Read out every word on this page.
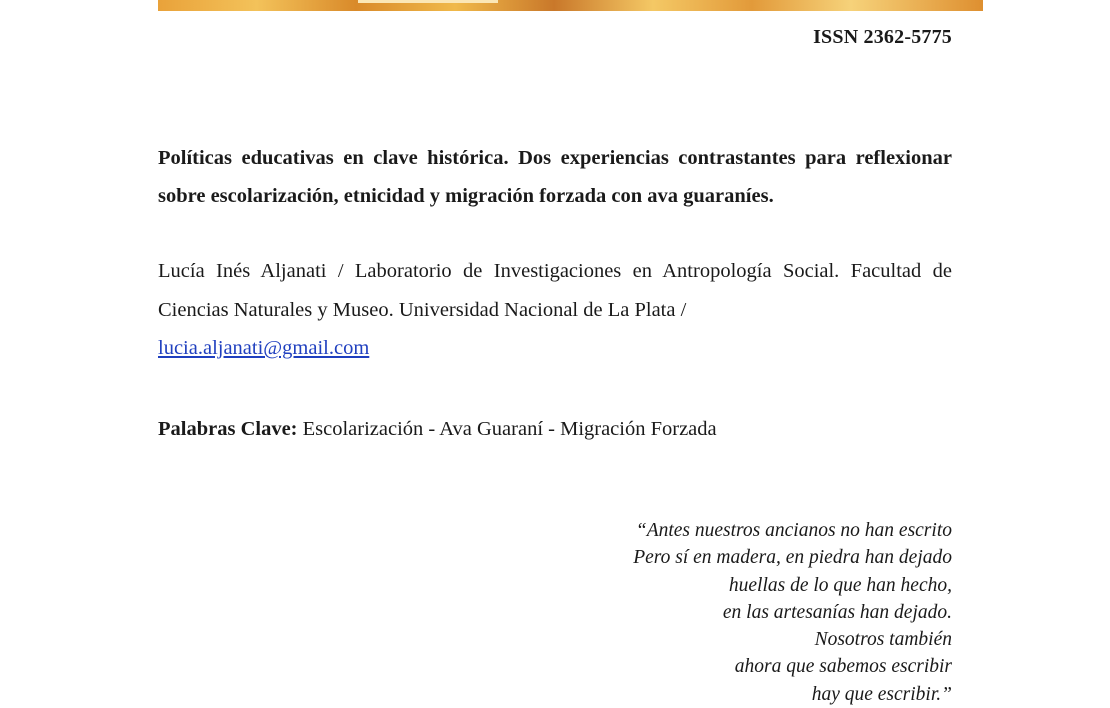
ISSN 2362-5775
Políticas educativas en clave histórica. Dos experiencias contrastantes para reflexionar sobre escolarización, etnicidad y migración forzada con ava guaraníes.
Lucía Inés Aljanati / Laboratorio de Investigaciones en Antropología Social. Facultad de Ciencias Naturales y Museo. Universidad Nacional de La Plata /
lucia.aljanati@gmail.com
Palabras Clave: Escolarización - Ava Guaraní - Migración Forzada
“Antes nuestros ancianos no han escrito
Pero sí en madera, en piedra han dejado
huellas de lo que han hecho,
en las artesanías han dejado.
Nosotros también
ahora que sabemos escribir
hay que escribir.”
